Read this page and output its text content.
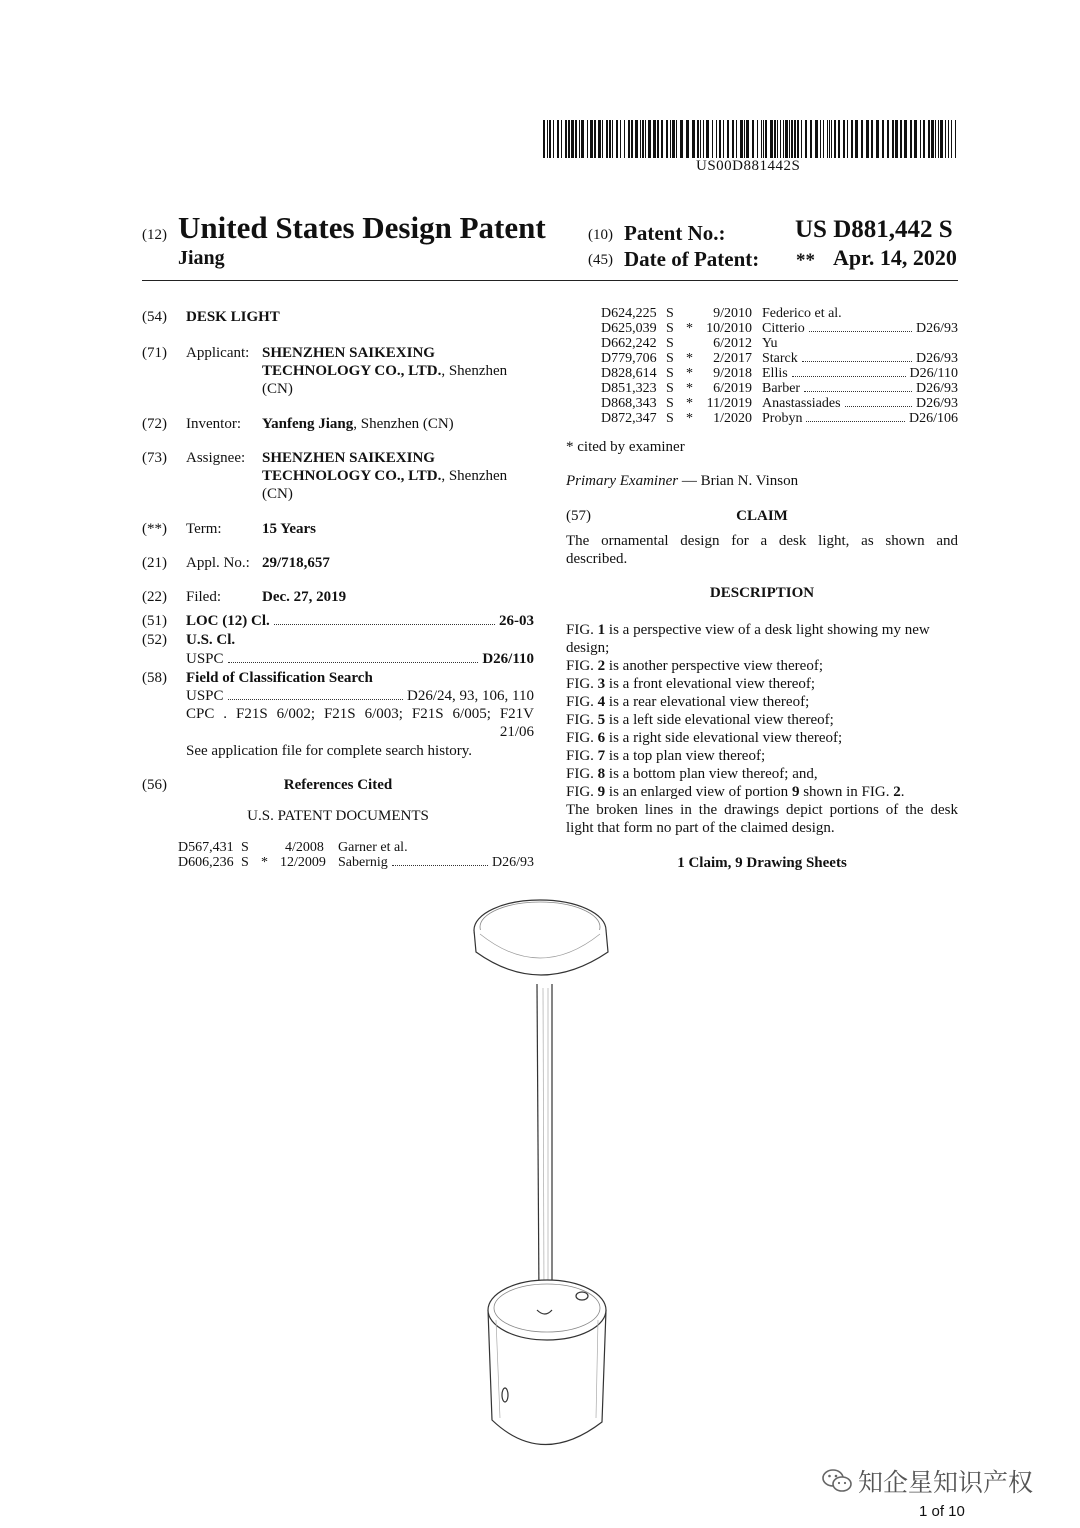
US00D881442S
(12) United States Design Patent
Jiang
(10) Patent No.:	US D881,442 S
(45) Date of Patent: ** Apr. 14, 2020
(54) DESK LIGHT
(71) Applicant: SHENZHEN SAIKEXING
TECHNOLOGY CO., LTD., Shenzhen
(CN)
(72) Inventor: Yanfeng Jiang, Shenzhen (CN)
(73) Assignee: SHENZHEN SAIKEXING
TECHNOLOGY CO., LTD., Shenzhen
(CN)
(**) Term:	15 Years
(21) Appl. No.: 29/718,657
(22) Filed:	Dec. 27, 2019
(51) LOC (12) Cl.	26-03
(52) U.S. Cl.
USPC	D26/110
(58) Field of Classification Search
USPC	D26/24, 93, 106, 110
CPC . F21S 6/002; F21S 6/003; F21S 6/005; F21V
21/06
See application file for complete search history.
(56)	References Cited
U.S. PATENT DOCUMENTS
D567,431 S	4/2008 Garner et al.
D606,236 S * 12/2009 Sabernig	D26/93
D624,225 S	9/2010 Federico et al.
D625,039 S * 10/2010 Citterio	D26/93
D662,242 S	6/2012 Yu
D779,706 S *	2/2017 Starck	D26/93
D828,614 S *	9/2018 Ellis	D26/110
D851,323 S *	6/2019 Barber	D26/93
D868,343 S * 11/2019 Anastassiades	D26/93
D872,347 S *	1/2020 Probyn	D26/106
* cited by examiner
Primary Examiner — Brian N. Vinson
(57)	CLAIM
The ornamental design for a desk light, as shown and
described.
DESCRIPTION
FIG. 1 is a perspective view of a desk light showing my new
design;
FIG. 2 is another perspective view thereof;
FIG. 3 is a front elevational view thereof;
FIG. 4 is a rear elevational view thereof;
FIG. 5 is a left side elevational view thereof;
FIG. 6 is a right side elevational view thereof;
FIG. 7 is a top plan view thereof;
FIG. 8 is a bottom plan view thereof; and,
FIG. 9 is an enlarged view of portion 9 shown in FIG. 2.
The broken lines in the drawings depict portions of the desk
light that form no part of the claimed design.
1 Claim, 9 Drawing Sheets
知企星知识产权
1 of 10
